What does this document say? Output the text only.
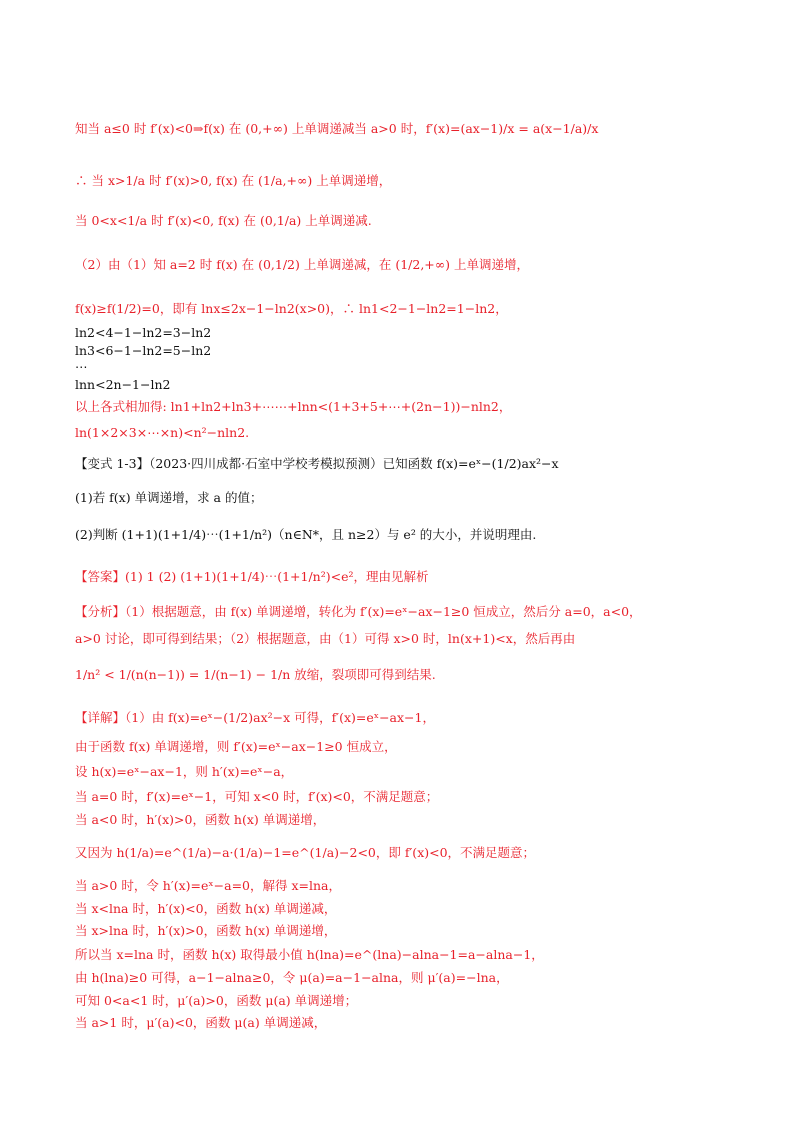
知当 a≤0 时 f′(x)<0⇒f(x) 在 (0,+∞) 上单调递减当 a>0 时，f′(x)=(ax−1)/x = a(x−1/a)/x
∴ 当 x>1/a 时 f′(x)>0, f(x) 在 (1/a,+∞) 上单调递增，
当 0<x<1/a 时 f′(x)<0, f(x) 在 (0,1/a) 上单调递减.
（2）由（1）知 a=2 时 f(x) 在 (0,1/2) 上单调递减，在 (1/2,+∞) 上单调递增，
f(x)≥f(1/2)=0，即有 lnx≤2x−1−ln2(x>0)，∴ ln1<2−1−ln2=1−ln2，
ln2<4−1−ln2=3−ln2
ln3<6−1−ln2=5−ln2
⋯
lnn<2n−1−ln2
以上各式相加得: ln1+ln2+ln3+⋯⋯+lnn<(1+3+5+⋯+(2n−1))−nln2，
ln(1×2×3×⋯×n)<n²−nln2.
【变式 1-3】（2023·四川成都·石室中学校考模拟预测）已知函数 f(x)=eˣ−(1/2)ax²−x
(1)若 f(x) 单调递增，求 a 的值；
(2)判断 (1+1)(1+1/4)⋯(1+1/n²)（n∈N*，且 n≥2）与 e² 的大小，并说明理由.
【答案】(1) 1 (2) (1+1)(1+1/4)⋯(1+1/n²)<e²，理由见解析
【分析】（1）根据题意，由 f(x) 单调递增，转化为 f′(x)=eˣ−ax−1≥0 恒成立，然后分 a=0，a<0，
a>0 讨论，即可得到结果；（2）根据题意，由（1）可得 x>0 时，ln(x+1)<x，然后再由
1/n² < 1/(n(n−1)) = 1/(n−1) − 1/n 放缩，裂项即可得到结果.
【详解】（1）由 f(x)=eˣ−(1/2)ax²−x 可得，f′(x)=eˣ−ax−1，
由于函数 f(x) 单调递增，则 f′(x)=eˣ−ax−1≥0 恒成立，
设 h(x)=eˣ−ax−1，则 h′(x)=eˣ−a，
当 a=0 时，f′(x)=eˣ−1，可知 x<0 时，f′(x)<0，不满足题意；
当 a<0 时，h′(x)>0，函数 h(x) 单调递增，
又因为 h(1/a)=e^(1/a)−a·(1/a)−1=e^(1/a)−2<0，即 f′(x)<0，不满足题意；
当 a>0 时，令 h′(x)=eˣ−a=0，解得 x=lna，
当 x<lna 时，h′(x)<0，函数 h(x) 单调递减，
当 x>lna 时，h′(x)>0，函数 h(x) 单调递增，
所以当 x=lna 时，函数 h(x) 取得最小值 h(lna)=e^(lna)−alna−1=a−alna−1，
由 h(lna)≥0 可得，a−1−alna≥0，令 μ(a)=a−1−alna，则 μ′(a)=−lna，
可知 0<a<1 时，μ′(a)>0，函数 μ(a) 单调递增；
当 a>1 时，μ′(a)<0，函数 μ(a) 单调递减，
